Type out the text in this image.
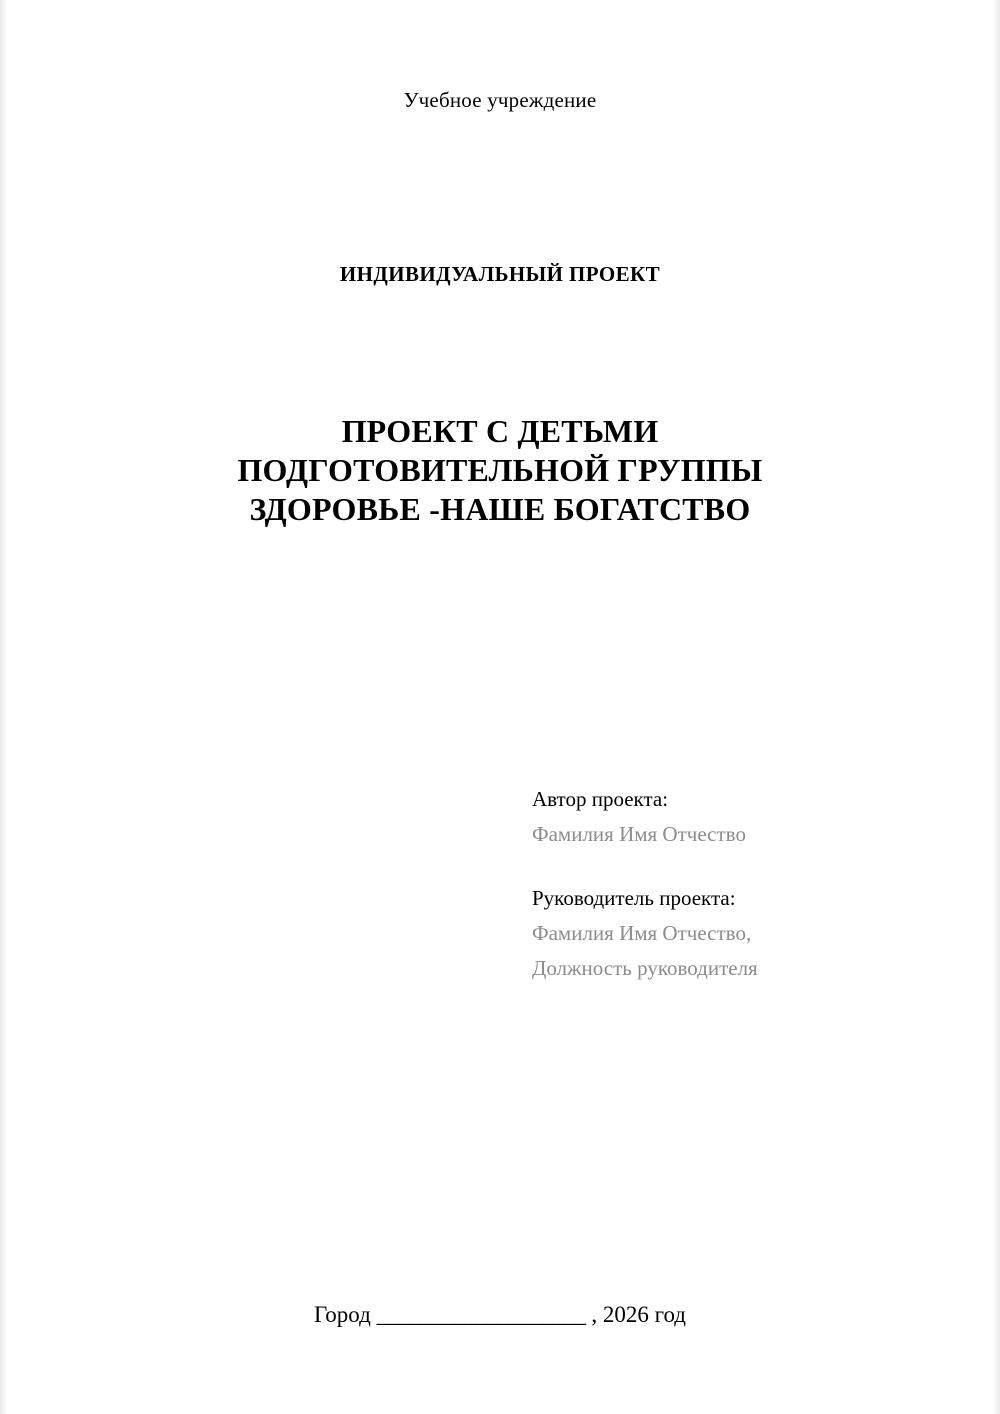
Учебное учреждение
ИНДИВИДУАЛЬНЫЙ ПРОЕКТ
ПРОЕКТ С ДЕТЬМИ
ПОДГОТОВИТЕЛЬНОЙ ГРУППЫ
ЗДОРОВЬЕ -НАШЕ БОГАТСТВО
Автор проекта:
Фамилия Имя Отчество
Руководитель проекта:
Фамилия Имя Отчество,
Должность руководителя
Город ___________________ , 2026 год
